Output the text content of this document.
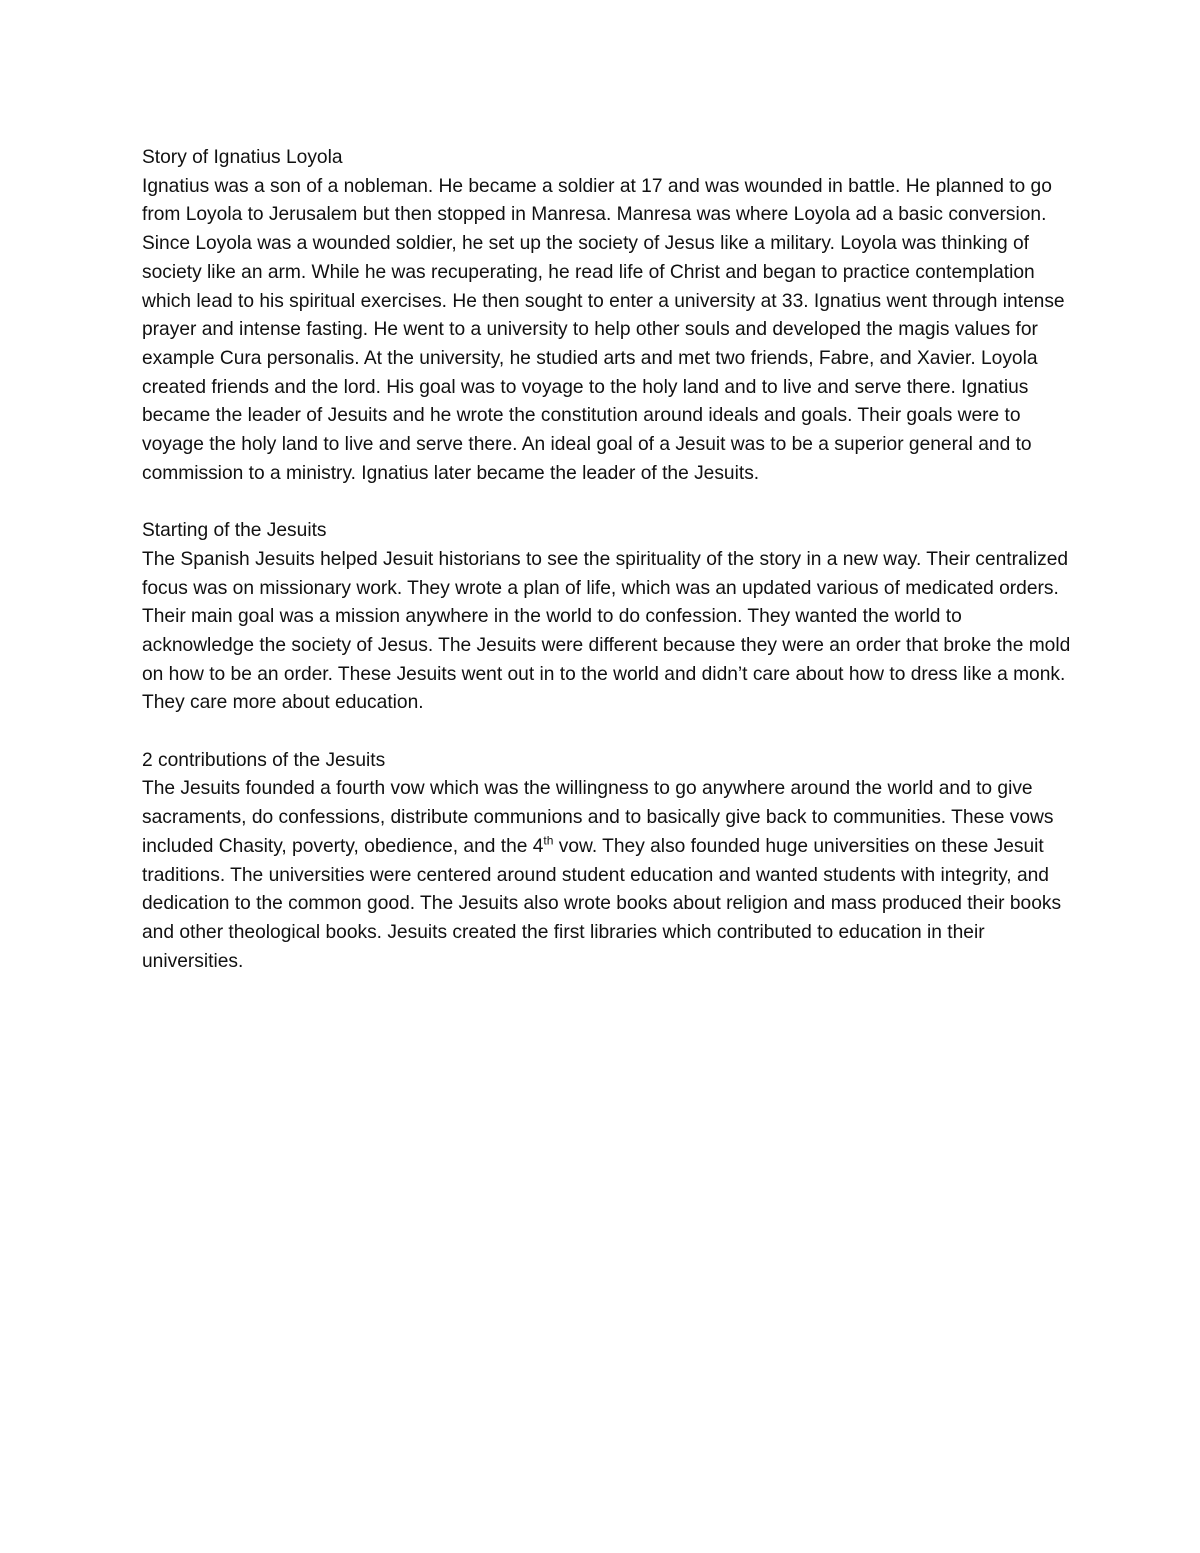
Story of Ignatius Loyola

Ignatius was a son of a nobleman. He became a soldier at 17 and was wounded in battle. He planned to go from Loyola to Jerusalem but then stopped in Manresa. Manresa was where Loyola ad a basic conversion. Since Loyola was a wounded soldier, he set up the society of Jesus like a military. Loyola was thinking of society like an arm. While he was recuperating, he read life of Christ and began to practice contemplation which lead to his spiritual exercises. He then sought to enter a university at 33. Ignatius went through intense prayer and intense fasting. He went to a university to help other souls and developed the magis values for example Cura personalis. At the university, he studied arts and met two friends, Fabre, and Xavier. Loyola created friends and the lord. His goal was to voyage to the holy land and to live and serve there. Ignatius became the leader of Jesuits and he wrote the constitution around ideals and goals. Their goals were to voyage the holy land to live and serve there. An ideal goal of a Jesuit was to be a superior general and to commission to a ministry. Ignatius later became the leader of the Jesuits.

Starting of the Jesuits

The Spanish Jesuits helped Jesuit historians to see the spirituality of the story in a new way. Their centralized focus was on missionary work. They wrote a plan of life, which was an updated various of medicated orders. Their main goal was a mission anywhere in the world to do confession. They wanted the world to acknowledge the society of Jesus. The Jesuits were different because they were an order that broke the mold on how to be an order. These Jesuits went out in to the world and didn’t care about how to dress like a monk. They care more about education.

2 contributions of the Jesuits

The Jesuits founded a fourth vow which was the willingness to go anywhere around the world and to give sacraments, do confessions, distribute communions and to basically give back to communities. These vows included Chasity, poverty, obedience, and the 4th vow. They also founded huge universities on these Jesuit traditions. The universities were centered around student education and wanted students with integrity, and dedication to the common good. The Jesuits also wrote books about religion and mass produced their books and other theological books. Jesuits created the first libraries which contributed to education in their universities.
